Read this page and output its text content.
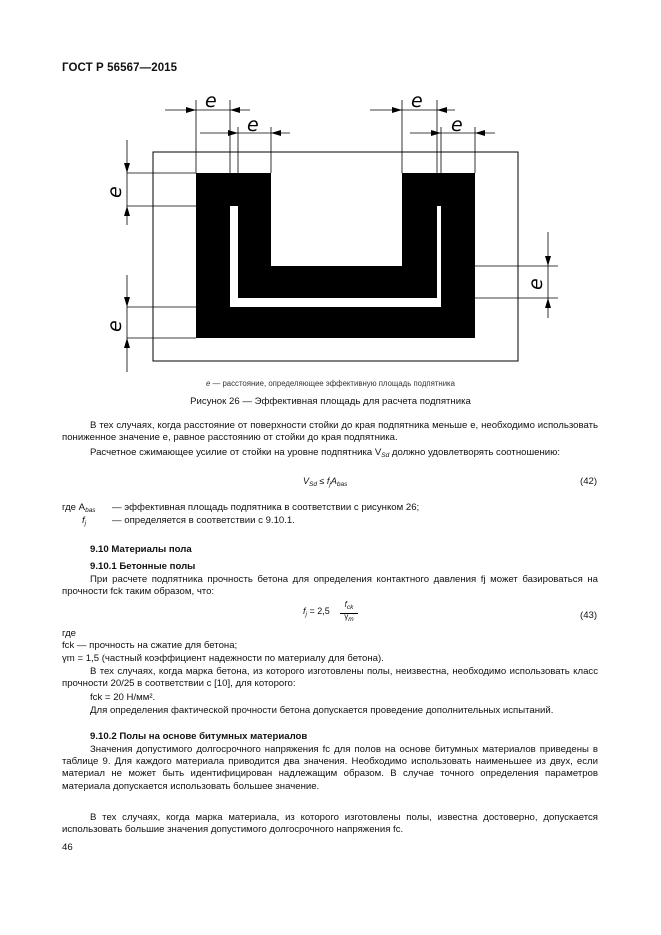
ГОСТ Р 56567—2015
e
e
e
e
e
e
e
e — расстояние, определяющее эффективную площадь подпятника
Рисунок 26 — Эффективная площадь для расчета подпятника
В тех случаях, когда расстояние от поверхности стойки до края подпятника меньше e, необходимо использовать пониженное значение e, равное расстоянию от стойки до края подпятника.
Расчетное сжимающее усилие от стойки на уровне подпятника $V_{Sd}$ должно удовлетворять соотношению:
$V_{Sd} \le f_jA_{bas}$	(42)
где $A_{bas}$ — эффективная площадь подпятника в соответствии с рисунком 26;
$f_j$	— определяется в соответствии с 9.10.1.
9.10 Материалы пола
9.10.1 Бетонные полы
При расчете подпятника прочность бетона для определения контактного давления fj может базироваться на прочности fck таким образом, что:
$f_j = 2,5$
$f_{ck}$
$\gamma_m$	(43)
где
fck — прочность на сжатие для бетона;
γm = 1,5 (частный коэффициент надежности по материалу для бетона).
В тех случаях, когда марка бетона, из которого изготовлены полы, неизвестна, необходимо использовать класс прочности 20/25 в соответствии с [10], для которого:
fck = 20 Н/мм².
Для определения фактической прочности бетона допускается проведение дополнительных испытаний.
9.10.2 Полы на основе битумных материалов
Значения допустимого долгосрочного напряжения fc для полов на основе битумных материалов приведены в таблице 9. Для каждого материала приводится два значения. Необходимо использовать наименьшее из двух, если материал не может быть идентифицирован надлежащим образом. В случае точного определения параметров материала допускается использовать большее значение.
В тех случаях, когда марка материала, из которого изготовлены полы, известна достоверно, допускается использовать большие значения допустимого долгосрочного напряжения fc.
46
